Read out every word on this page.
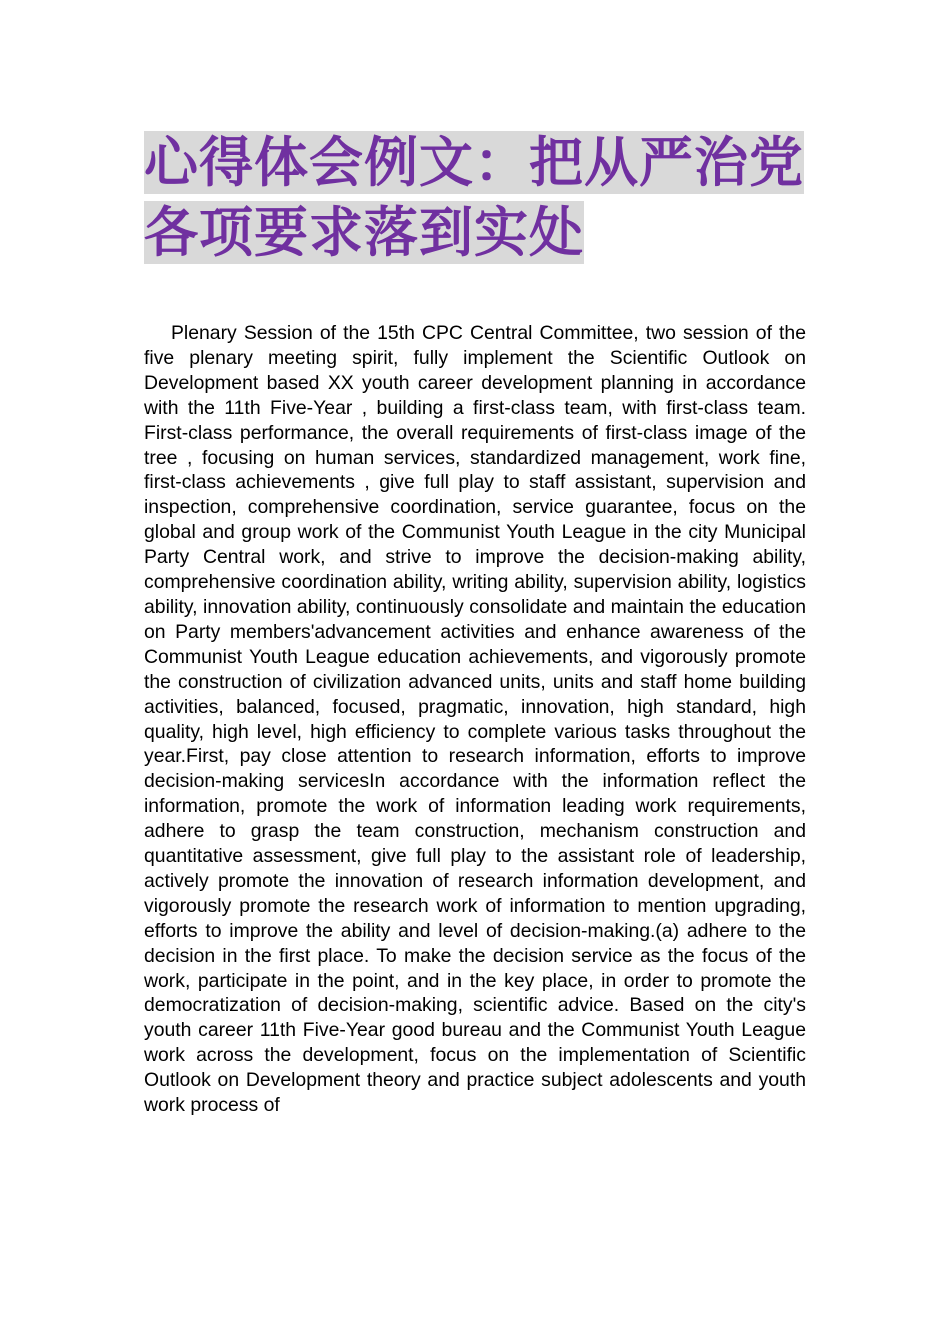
心得体会例文：把从严治党各项要求落到实处

Plenary Session of the 15th CPC Central Committee, two session of the five plenary meeting spirit, fully implement the Scientific Outlook on Development based XX youth career development planning in accordance with the 11th Five-Year , building a first-class team, with first-class team. First-class performance, the overall requirements of first-class image of the tree , focusing on human services, standardized management, work fine, first-class achievements , give full play to staff assistant, supervision and inspection, comprehensive coordination, service guarantee, focus on the global and group work of the Communist Youth League in the city Municipal Party Central work, and strive to improve the decision-making ability, comprehensive coordination ability, writing ability, supervision ability, logistics ability, innovation ability, continuously consolidate and maintain the education on Party members'advancement activities and enhance awareness of the Communist Youth League education achievements, and vigorously promote the construction of civilization advanced units, units and staff home building activities, balanced, focused, pragmatic, innovation, high standard, high quality, high level, high efficiency to complete various tasks throughout the year.First, pay close attention to research information, efforts to improve decision-making servicesIn accordance with the information reflect the information, promote the work of information leading work requirements, adhere to grasp the team construction, mechanism construction and quantitative assessment, give full play to the assistant role of leadership, actively promote the innovation of research information development, and vigorously promote the research work of information to mention upgrading, efforts to improve the ability and level of decision-making.(a) adhere to the decision in the first place. To make the decision service as the focus of the work, participate in the point, and in the key place, in order to promote the democratization of decision-making, scientific advice. Based on the city's youth career 11th Five-Year good bureau and the Communist Youth League work across the development, focus on the implementation of Scientific Outlook on Development theory and practice subject adolescents and youth work process of
